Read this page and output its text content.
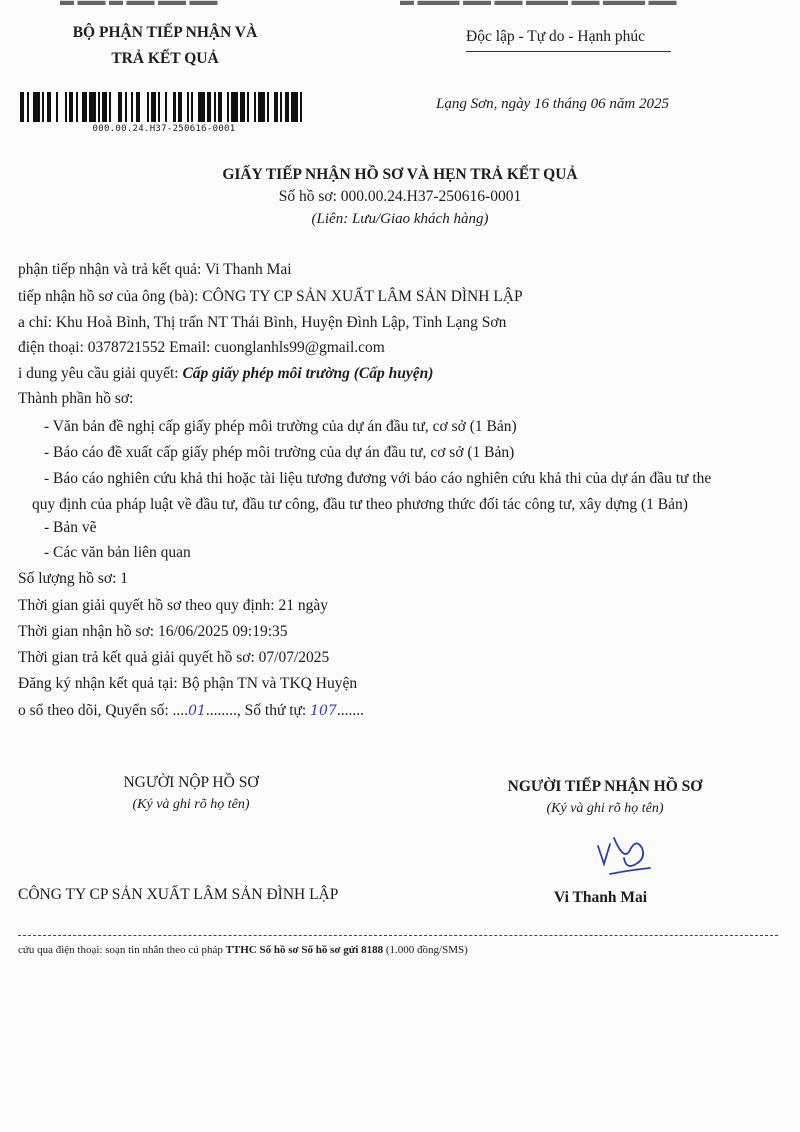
▬ ▬▬ ▬ ▬▬ ▬▬ ▬▬	▬ ▬▬▬ ▬▬ ▬▬ ▬▬▬ ▬▬ ▬▬▬ ▬▬
BỘ PHẬN TIẾP NHẬN VÀ
TRẢ KẾT QUẢ
Độc lập - Tự do - Hạnh phúc
000.00.24.H37-250616-0001
Lạng Sơn, ngày 16 tháng 06 năm 2025
GIẤY TIẾP NHẬN HỒ SƠ VÀ HẸN TRẢ KẾT QUẢ
Số hồ sơ: 000.00.24.H37-250616-0001
(Liên: Lưu/Giao khách hàng)
phận tiếp nhận và trả kết quả: Vi Thanh Mai
tiếp nhận hồ sơ của ông (bà): CÔNG TY CP SẢN XUẤT LÂM SẢN DÌNH LẬP
a chỉ: Khu Hoà Bình, Thị trấn NT Thái Bình, Huyện Đình Lập, Tỉnh Lạng Sơn
điện thoại: 0378721552 Email: cuonglanhls99@gmail.com
i dung yêu cầu giải quyết: Cấp giấy phép môi trường (Cấp huyện)
Thành phần hồ sơ:
- Văn bản đề nghị cấp giấy phép môi trường của dự án đầu tư, cơ sở (1 Bản)
- Báo cáo đề xuất cấp giấy phép môi trường của dự án đầu tư, cơ sở (1 Bản)
- Báo cáo nghiên cứu khả thi hoặc tài liệu tương đương với báo cáo nghiên cứu khả thi của dự án đầu tư the
quy định của pháp luật về đầu tư, đầu tư công, đầu tư theo phương thức đối tác công tư, xây dựng (1 Bản)
- Bản vẽ
- Các văn bản liên quan
Số lượng hồ sơ: 1
Thời gian giải quyết hồ sơ theo quy định: 21 ngày
Thời gian nhận hồ sơ: 16/06/2025 09:19:35
Thời gian trả kết quả giải quyết hồ sơ: 07/07/2025
Đăng ký nhận kết quả tại: Bộ phận TN và TKQ Huyện
o sổ theo dõi, Quyển số: ....01........, Số thứ tự: 107.......
NGƯỜI NỘP HỒ SƠ
(Ký và ghi rõ họ tên)
NGƯỜI TIẾP NHẬN HỒ SƠ
(Ký và ghi rõ họ tên)
CÔNG TY CP SẢN XUẤT LÂM SẢN ĐÌNH LẬP	Vi Thanh Mai
cứu qua điện thoại: soạn tin nhắn theo cú pháp TTHC Số hồ sơ Số hồ sơ gửi 8188 (1.000 đồng/SMS)
